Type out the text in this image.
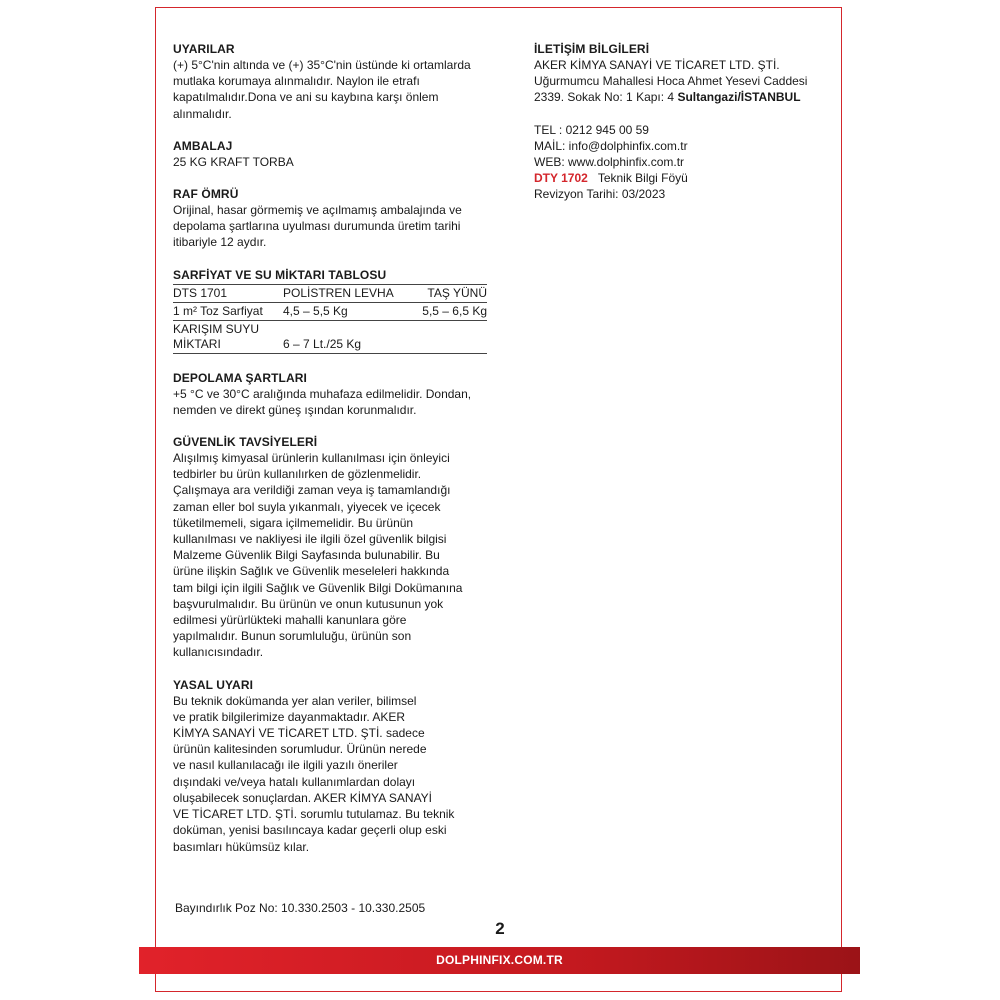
UYARILAR
(+) 5°C'nin altında ve (+) 35°C'nin üstünde ki ortamlarda
mutlaka korumaya alınmalıdır. Naylon ile etrafı
kapatılmalıdır.Dona ve ani su kaybına karşı önlem
alınmalıdır.
AMBALAJ
25 KG KRAFT TORBA
RAF ÖMRÜ
Orijinal, hasar görmemiş ve açılmamış ambalajında ve
depolama şartlarına uyulması durumunda üretim tarihi
itibariyle 12 aydır.
SARFİYAT VE SU MİKTARI TABLOSU
DTS 1701	POLİSTREN LEVHA	TAŞ YÜNÜ
1 m² Toz Sarfiyat	4,5 – 5,5 Kg	5,5 – 6,5 Kg
KARIŞIM SUYU
MİKTARI	6 – 7 Lt./25 Kg	
DEPOLAMA ŞARTLARI
+5 °C ve 30°C aralığında muhafaza edilmelidir. Dondan,
nemden ve direkt güneş ışından korunmalıdır.
GÜVENLİK TAVSİYELERİ
Alışılmış kimyasal ürünlerin kullanılması için önleyici
tedbirler bu ürün kullanılırken de gözlenmelidir.
Çalışmaya ara verildiği zaman veya iş tamamlandığı
zaman eller bol suyla yıkanmalı, yiyecek ve içecek
tüketilmemeli, sigara içilmemelidir. Bu ürünün
kullanılması ve nakliyesi ile ilgili özel güvenlik bilgisi
Malzeme Güvenlik Bilgi Sayfasında bulunabilir. Bu
ürüne ilişkin Sağlık ve Güvenlik meseleleri hakkında
tam bilgi için ilgili Sağlık ve Güvenlik Bilgi Dokümanına
başvurulmalıdır. Bu ürünün ve onun kutusunun yok
edilmesi yürürlükteki mahalli kanunlara göre
yapılmalıdır. Bunun sorumluluğu, ürünün son
kullanıcısındadır.
YASAL UYARI
Bu teknik dokümanda yer alan veriler, bilimsel
ve pratik bilgilerimize dayanmaktadır. AKER
KİMYA SANAYİ VE TİCARET LTD. ŞTİ. sadece
ürünün kalitesinden sorumludur. Ürünün nerede
ve nasıl kullanılacağı ile ilgili yazılı öneriler
dışındaki ve/veya hatalı kullanımlardan dolayı
oluşabilecek sonuçlardan. AKER KİMYA SANAYİ
VE TİCARET LTD. ŞTİ. sorumlu tutulamaz. Bu teknik
doküman, yenisi basılıncaya kadar geçerli olup eski
basımları hükümsüz kılar.
İLETİŞİM BİLGİLERİ
AKER KİMYA SANAYİ VE TİCARET LTD. ŞTİ.
Uğurmumcu Mahallesi Hoca Ahmet Yesevi Caddesi
2339. Sokak No: 1 Kapı: 4 Sultangazi/İSTANBUL
TEL : 0212 945 00 59
MAİL: info@dolphinfix.com.tr
WEB: www.dolphinfix.com.tr
DTY 1702 Teknik Bilgi Föyü
Revizyon Tarihi: 03/2023
Bayındırlık Poz No: 10.330.2503 - 10.330.2505
2
DOLPHINFIX.COM.TR
